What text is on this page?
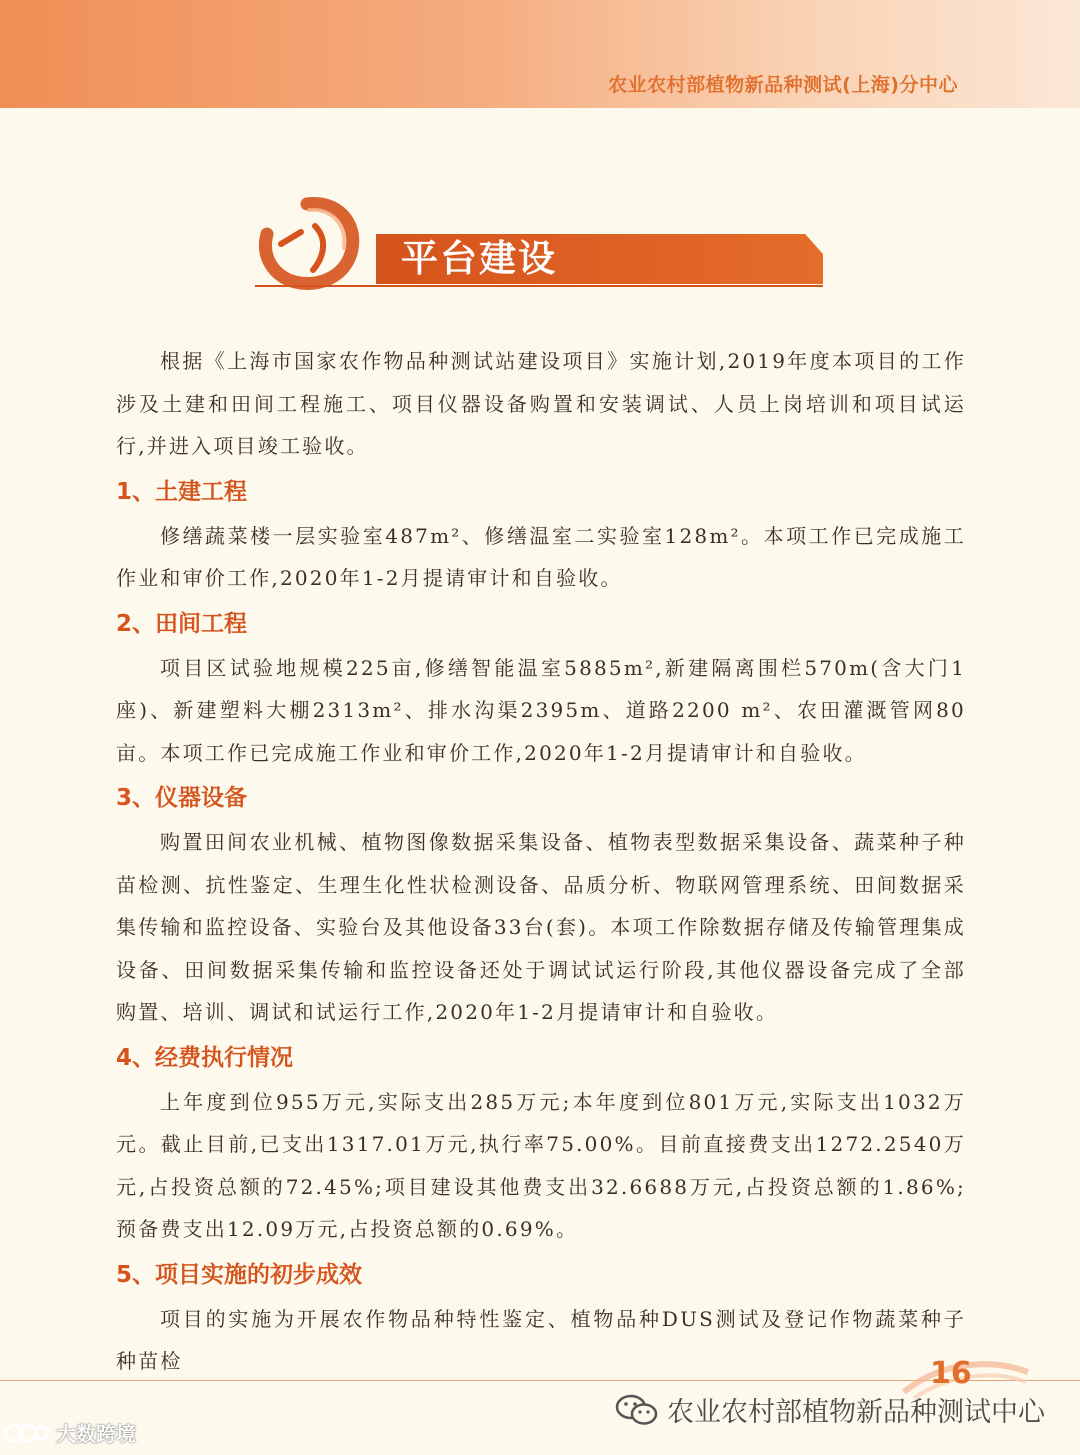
农业农村部植物新品种测试(上海)分中心
平台建设

根据《上海市国家农作物品种测试站建设项目》实施计划,2019年度本项目的工作涉及土建和田间工程施工、项目仪器设备购置和安装调试、人员上岗培训和项目试运行,并进入项目竣工验收。

1、土建工程

修缮蔬菜楼一层实验室487m²、修缮温室二实验室128m²。本项工作已完成施工作业和审价工作,2020年1-2月提请审计和自验收。

2、田间工程

项目区试验地规模225亩,修缮智能温室5885m²,新建隔离围栏570m(含大门1座)、新建塑料大棚2313m²、排水沟渠2395m、道路2200 m²、农田灌溉管网80亩。本项工作已完成施工作业和审价工作,2020年1-2月提请审计和自验收。

3、仪器设备

购置田间农业机械、植物图像数据采集设备、植物表型数据采集设备、蔬菜种子种苗检测、抗性鉴定、生理生化性状检测设备、品质分析、物联网管理系统、田间数据采集传输和监控设备、实验台及其他设备33台(套)。本项工作除数据存储及传输管理集成设备、田间数据采集传输和监控设备还处于调试试运行阶段,其他仪器设备完成了全部购置、培训、调试和试运行工作,2020年1-2月提请审计和自验收。

4、经费执行情况

上年度到位955万元,实际支出285万元;本年度到位801万元,实际支出1032万元。截止目前,已支出1317.01万元,执行率75.00%。目前直接费支出1272.2540万元,占投资总额的72.45%;项目建设其他费支出32.6688万元,占投资总额的1.86%;预备费支出12.09万元,占投资总额的0.69%。

5、项目实施的初步成效

项目的实施为开展农作物品种特性鉴定、植物品种DUS测试及登记作物蔬菜种子种苗检	16
农业农村部植物新品种测试中心
大数跨境
